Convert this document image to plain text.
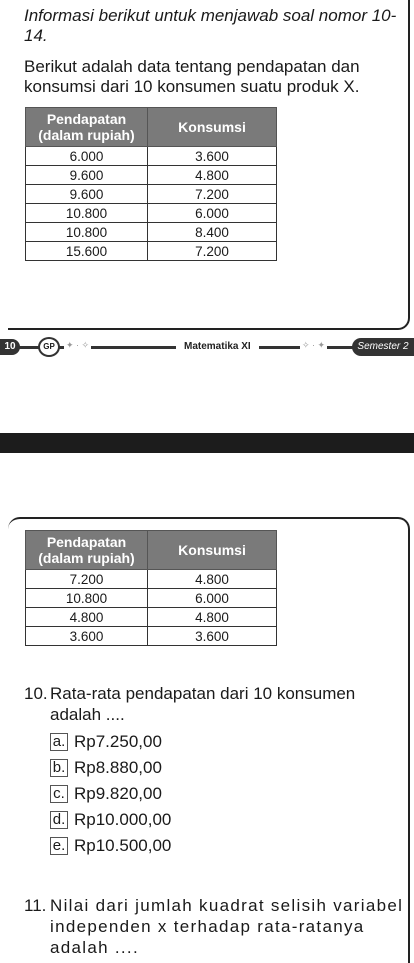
Informasi berikut untuk menjawab soal nomor 10-14.

Berikut adalah data tentang pendapatan dan konsumsi dari 10 konsumen suatu produk X.

Pendapatan (dalam rupiah)	Konsumsi
6.000	3.600
9.600	4.800
9.600	7.200
10.800	6.000
10.800	8.400
15.600	7.200
10	GP	✦ · ✧	Matematika XI	✧ · ✦	Semester 2
Pendapatan (dalam rupiah)	Konsumsi
7.200	4.800
10.800	6.000
4.800	4.800
3.600	3.600
10. Rata-rata pendapatan dari 10 konsumen adalah ....

a. Rp7.250,00
b. Rp8.880,00
c. Rp9.820,00
d. Rp10.000,00
e. Rp10.500,00
11. Nilai dari jumlah kuadrat selisih variabel independen x terhadap rata-ratanya adalah ....
